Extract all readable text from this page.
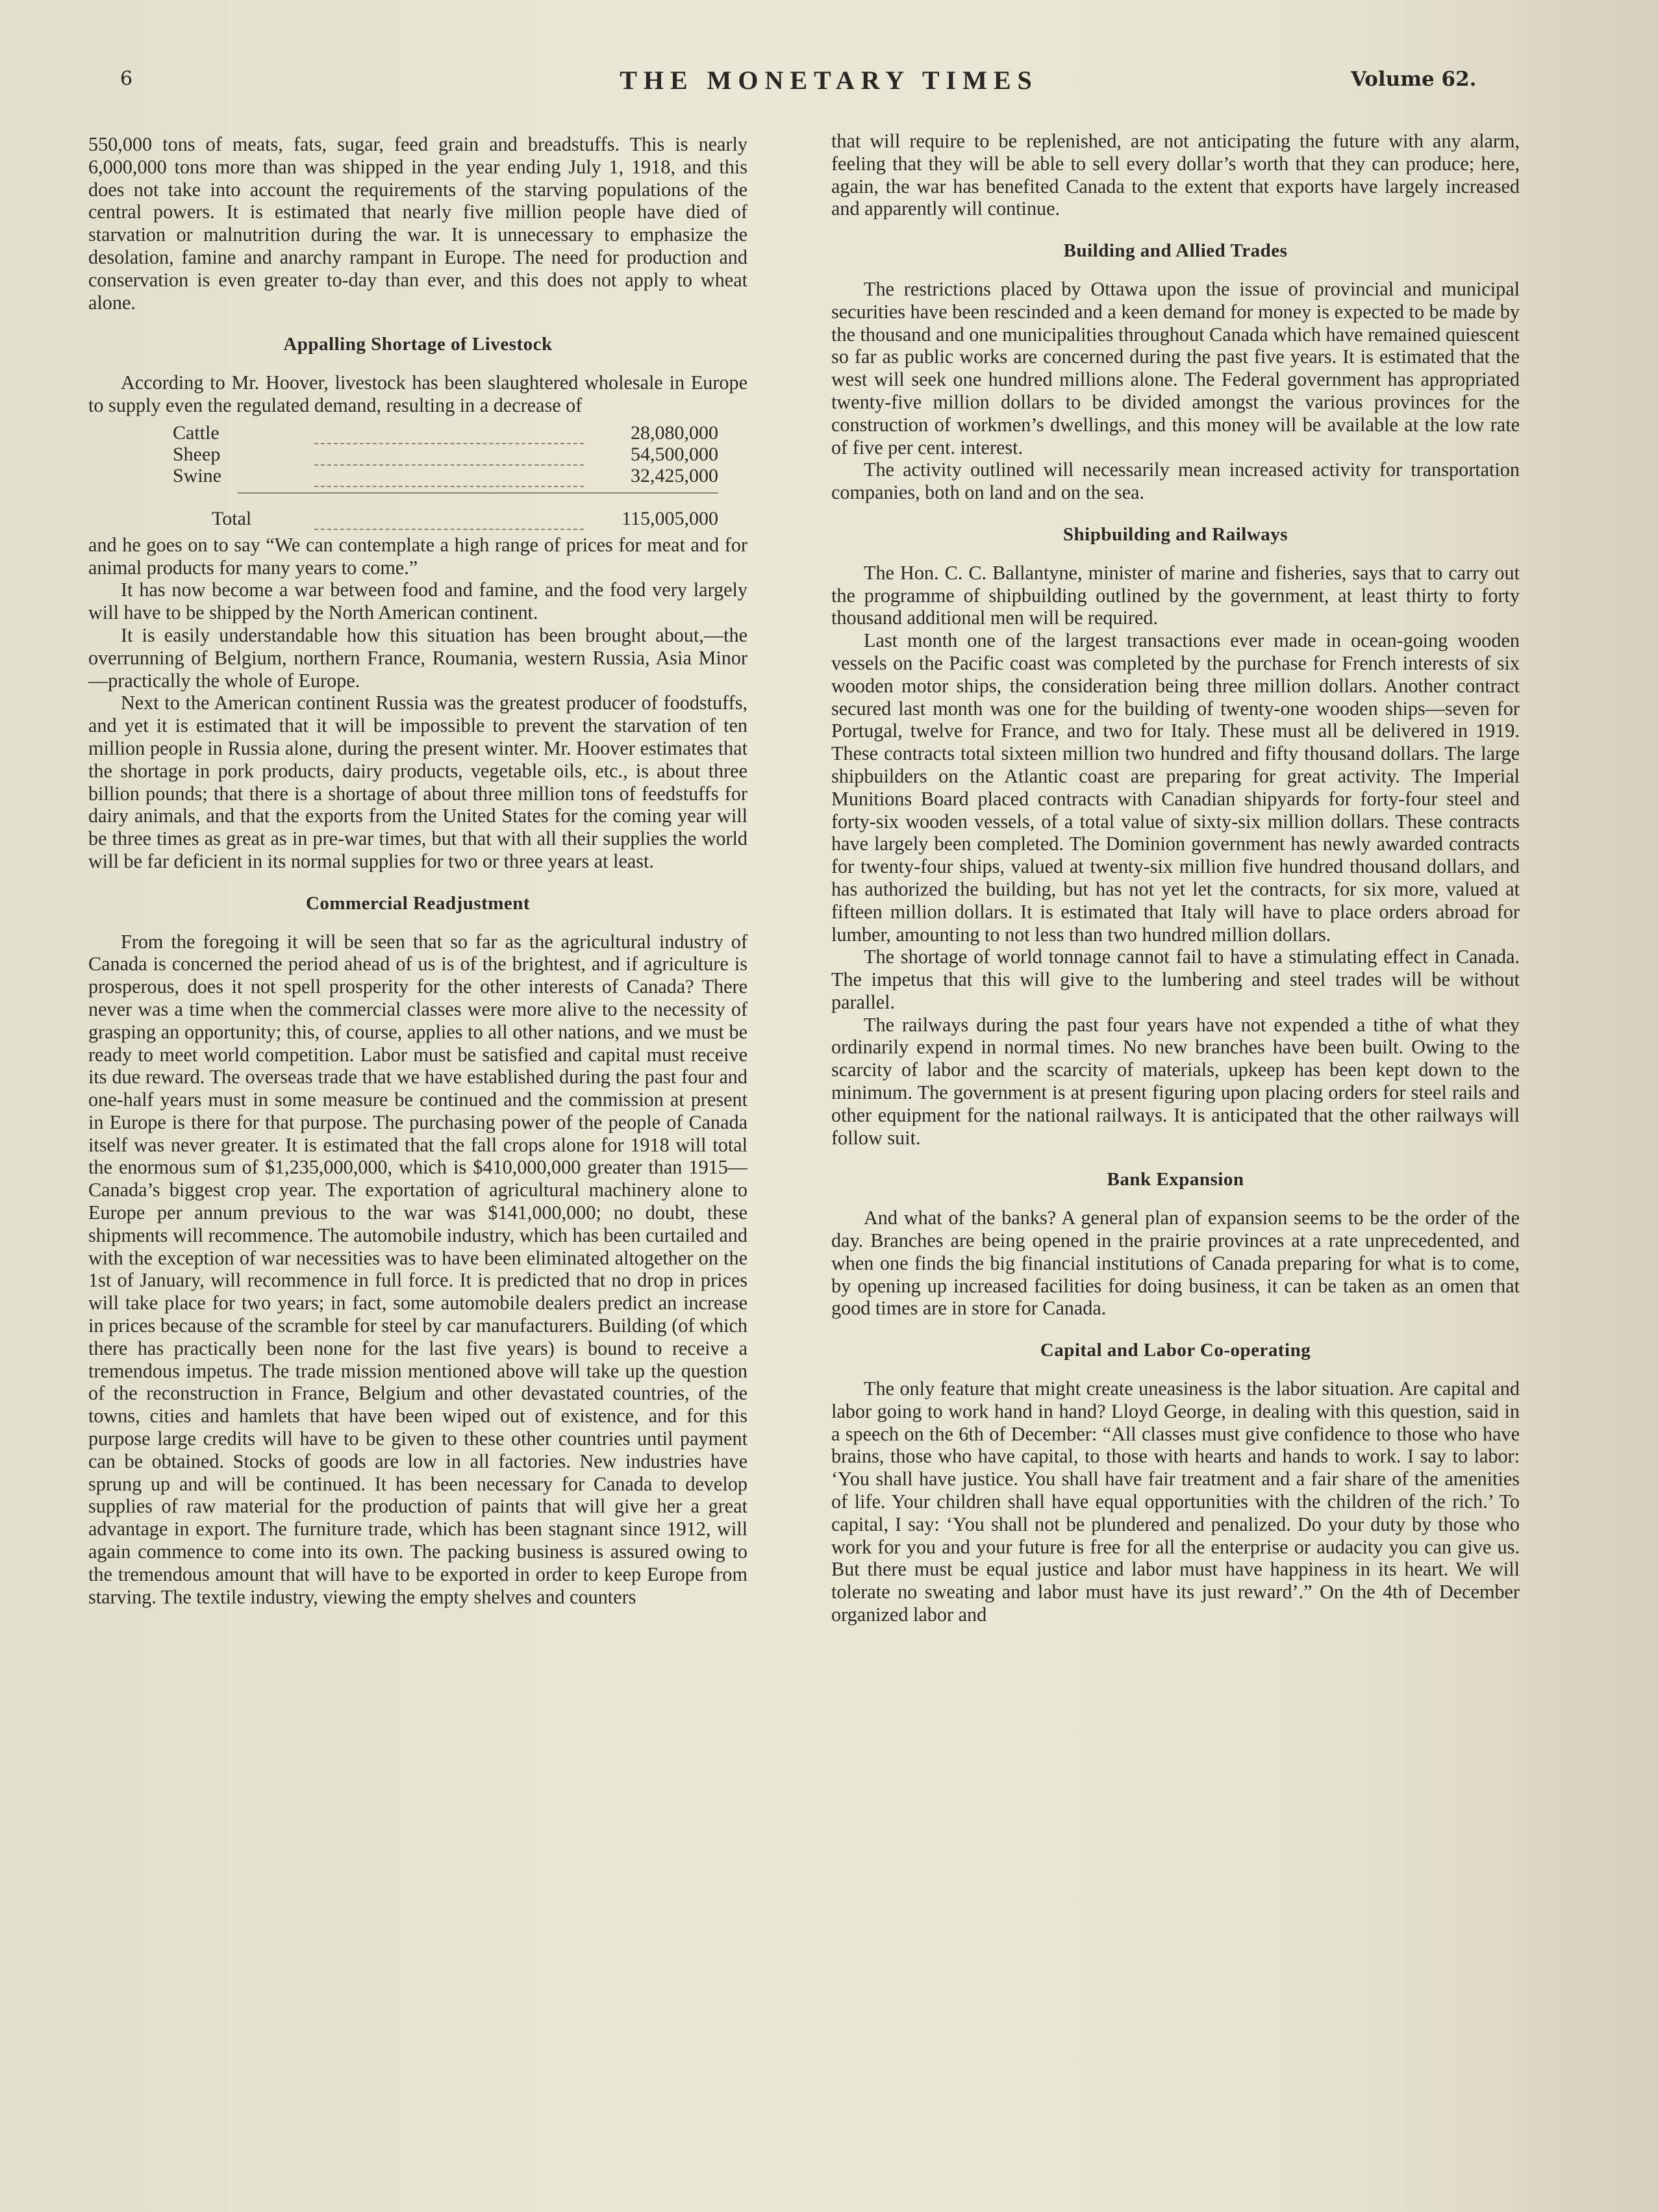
6	THE MONETARY TIMES	Volume 62.

550,000 tons of meats, fats, sugar, feed grain and breadstuffs. This is nearly 6,000,000 tons more than was shipped in the year ending July 1, 1918, and this does not take into account the requirements of the starving populations of the central powers. It is estimated that nearly five million people have died of starvation or malnutrition during the war. It is unnecessary to emphasize the desolation, famine and anarchy rampant in Europe. The need for production and conservation is even greater to-day than ever, and this does not apply to wheat alone.

Appalling Shortage of Livestock

According to Mr. Hoover, livestock has been slaughtered wholesale in Europe to supply even the regulated demand, resulting in a decrease of

Cattle		28,080,000
Sheep		54,500,000
Swine		32,425,000

Total		115,005,000

and he goes on to say “We can contemplate a high range of prices for meat and for animal products for many years to come.”

It has now become a war between food and famine, and the food very largely will have to be shipped by the North American continent.

It is easily understandable how this situation has been brought about,—the overrunning of Belgium, northern France, Roumania, western Russia, Asia Minor—practically the whole of Europe.

Next to the American continent Russia was the greatest producer of foodstuffs, and yet it is estimated that it will be impossible to prevent the starvation of ten million people in Russia alone, during the present winter. Mr. Hoover estimates that the shortage in pork products, dairy products, vegetable oils, etc., is about three billion pounds; that there is a shortage of about three million tons of feedstuffs for dairy animals, and that the exports from the United States for the coming year will be three times as great as in pre-war times, but that with all their supplies the world will be far deficient in its normal supplies for two or three years at least.

Commercial Readjustment

From the foregoing it will be seen that so far as the agricultural industry of Canada is concerned the period ahead of us is of the brightest, and if agriculture is prosperous, does it not spell prosperity for the other interests of Canada? There never was a time when the commercial classes were more alive to the necessity of grasping an opportunity; this, of course, applies to all other nations, and we must be ready to meet world competition. Labor must be satisfied and capital must receive its due reward. The overseas trade that we have established during the past four and one-half years must in some measure be continued and the commission at present in Europe is there for that purpose. The purchasing power of the people of Canada itself was never greater. It is estimated that the fall crops alone for 1918 will total the enormous sum of $1,235,000,000, which is $410,000,000 greater than 1915—Canada’s biggest crop year. The exportation of agricultural machinery alone to Europe per annum previous to the war was $141,000,000; no doubt, these shipments will recommence. The automobile industry, which has been curtailed and with the exception of war necessities was to have been eliminated altogether on the 1st of January, will recommence in full force. It is predicted that no drop in prices will take place for two years; in fact, some automobile dealers predict an increase in prices because of the scramble for steel by car manufacturers. Building (of which there has practically been none for the last five years) is bound to receive a tremendous impetus. The trade mission mentioned above will take up the question of the reconstruction in France, Belgium and other devastated countries, of the towns, cities and hamlets that have been wiped out of existence, and for this purpose large credits will have to be given to these other countries until payment can be obtained. Stocks of goods are low in all factories. New industries have sprung up and will be continued. It has been necessary for Canada to develop supplies of raw material for the production of paints that will give her a great advantage in export. The furniture trade, which has been stagnant since 1912, will again commence to come into its own. The packing business is assured owing to the tremendous amount that will have to be exported in order to keep Europe from starving. The textile industry, viewing the empty shelves and counters

that will require to be replenished, are not anticipating the future with any alarm, feeling that they will be able to sell every dollar’s worth that they can produce; here, again, the war has benefited Canada to the extent that exports have largely increased and apparently will continue.

Building and Allied Trades

The restrictions placed by Ottawa upon the issue of provincial and municipal securities have been rescinded and a keen demand for money is expected to be made by the thousand and one municipalities throughout Canada which have remained quiescent so far as public works are concerned during the past five years. It is estimated that the west will seek one hundred millions alone. The Federal government has appropriated twenty-five million dollars to be divided amongst the various provinces for the construction of workmen’s dwellings, and this money will be available at the low rate of five per cent. interest.

The activity outlined will necessarily mean increased activity for transportation companies, both on land and on the sea.

Shipbuilding and Railways

The Hon. C. C. Ballantyne, minister of marine and fisheries, says that to carry out the programme of shipbuilding outlined by the government, at least thirty to forty thousand additional men will be required.

Last month one of the largest transactions ever made in ocean-going wooden vessels on the Pacific coast was completed by the purchase for French interests of six wooden motor ships, the consideration being three million dollars. Another contract secured last month was one for the building of twenty-one wooden ships—seven for Portugal, twelve for France, and two for Italy. These must all be delivered in 1919. These contracts total sixteen million two hundred and fifty thousand dollars. The large shipbuilders on the Atlantic coast are preparing for great activity. The Imperial Munitions Board placed contracts with Canadian shipyards for forty-four steel and forty-six wooden vessels, of a total value of sixty-six million dollars. These contracts have largely been completed. The Dominion government has newly awarded contracts for twenty-four ships, valued at twenty-six million five hundred thousand dollars, and has authorized the building, but has not yet let the contracts, for six more, valued at fifteen million dollars. It is estimated that Italy will have to place orders abroad for lumber, amounting to not less than two hundred million dollars.

The shortage of world tonnage cannot fail to have a stimulating effect in Canada. The impetus that this will give to the lumbering and steel trades will be without parallel.

The railways during the past four years have not expended a tithe of what they ordinarily expend in normal times. No new branches have been built. Owing to the scarcity of labor and the scarcity of materials, upkeep has been kept down to the minimum. The government is at present figuring upon placing orders for steel rails and other equipment for the national railways. It is anticipated that the other railways will follow suit.

Bank Expansion

And what of the banks? A general plan of expansion seems to be the order of the day. Branches are being opened in the prairie provinces at a rate unprecedented, and when one finds the big financial institutions of Canada preparing for what is to come, by opening up increased facilities for doing business, it can be taken as an omen that good times are in store for Canada.

Capital and Labor Co-operating

The only feature that might create uneasiness is the labor situation. Are capital and labor going to work hand in hand? Lloyd George, in dealing with this question, said in a speech on the 6th of December: “All classes must give confidence to those who have brains, those who have capital, to those with hearts and hands to work. I say to labor: ‘You shall have justice. You shall have fair treatment and a fair share of the amenities of life. Your children shall have equal opportunities with the children of the rich.’ To capital, I say: ‘You shall not be plundered and penalized. Do your duty by those who work for you and your future is free for all the enterprise or audacity you can give us. But there must be equal justice and labor must have happiness in its heart. We will tolerate no sweating and labor must have its just reward’.” On the 4th of December organized labor and
